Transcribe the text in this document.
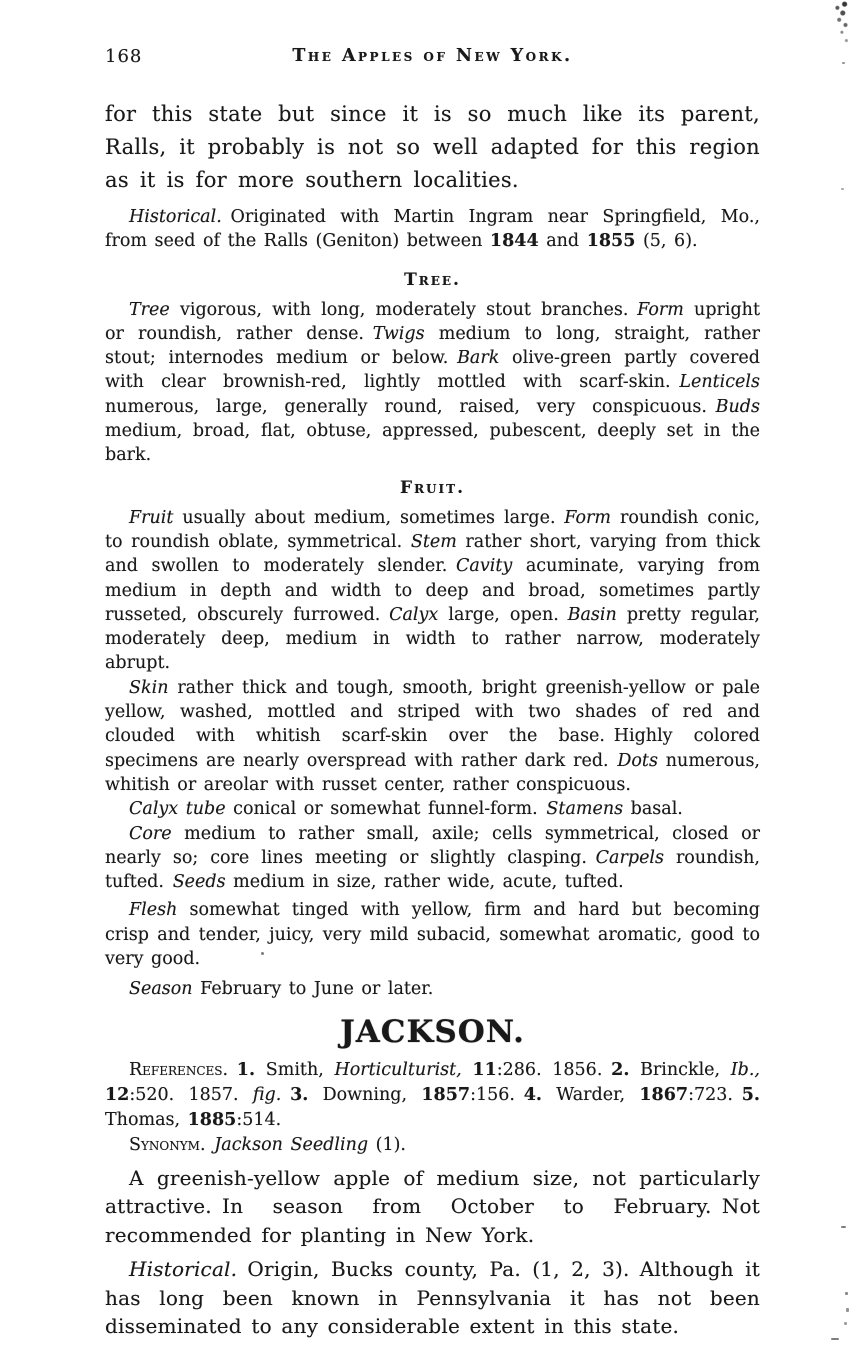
168	The Apples of New York.

for this state but since it is so much like its parent, Ralls, it probably is not so well adapted for this region as it is for more southern localities.

Historical. Originated with Martin Ingram near Springfield, Mo., from seed of the Ralls (Geniton) between 1844 and 1855 (5, 6).

Tree.

Tree vigorous, with long, moderately stout branches. Form upright or roundish, rather dense. Twigs medium to long, straight, rather stout; internodes medium or below. Bark olive-green partly covered with clear brownish-red, lightly mottled with scarf-skin. Lenticels numerous, large, generally round, raised, very conspicuous. Buds medium, broad, flat, obtuse, appressed, pubescent, deeply set in the bark.

Fruit.

Fruit usually about medium, sometimes large. Form roundish conic, to roundish oblate, symmetrical. Stem rather short, varying from thick and swollen to moderately slender. Cavity acuminate, varying from medium in depth and width to deep and broad, sometimes partly russeted, obscurely furrowed. Calyx large, open. Basin pretty regular, moderately deep, medium in width to rather narrow, moderately abrupt.

Skin rather thick and tough, smooth, bright greenish-yellow or pale yellow, washed, mottled and striped with two shades of red and clouded with whitish scarf-skin over the base. Highly colored specimens are nearly overspread with rather dark red. Dots numerous, whitish or areolar with russet center, rather conspicuous.

Calyx tube conical or somewhat funnel-form. Stamens basal.

Core medium to rather small, axile; cells symmetrical, closed or nearly so; core lines meeting or slightly clasping. Carpels roundish, tufted. Seeds medium in size, rather wide, acute, tufted.

Flesh somewhat tinged with yellow, firm and hard but becoming crisp and tender, juicy, very mild subacid, somewhat aromatic, good to very good.

Season February to June or later.

JACKSON.

References.  1. Smith, Horticulturist, 11:286. 1856. 2. Brinckle, Ib., 12:520. 1857. fig.  3. Downing, 1857:156. 4. Warder, 1867:723. 5. Thomas, 1885:514.

Synonym.  Jackson Seedling (1).

A greenish-yellow apple of medium size, not particularly attractive. In season from October to February. Not recommended for planting in New York.

Historical. Origin, Bucks county, Pa. (1, 2, 3). Although it has long been known in Pennsylvania it has not been disseminated to any considerable extent in this state.
